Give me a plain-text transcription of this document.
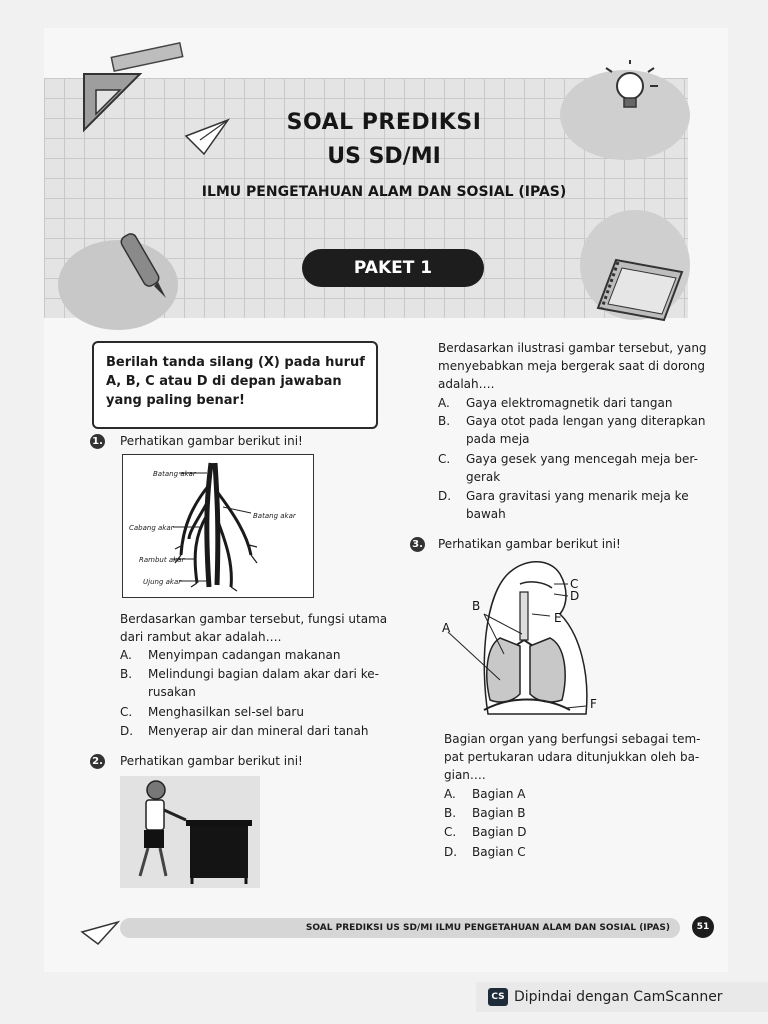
SOAL PREDIKSI
US SD/MI
ILMU PENGETAHUAN ALAM DAN SOSIAL (IPAS)
PAKET 1
Berilah tanda silang (X) pada huruf A, B, C atau D di depan jawaban yang paling benar!
1. Perhatikan gambar berikut ini!
Batang akar
Batang akar
Cabang akar
Rambut akar
Ujung akar
Berdasarkan gambar tersebut, fungsi utama
dari rambut akar adalah….
A.	Menyimpan cadangan makanan
B.	Melindungi bagian dalam akar dari ke-
rusakan
C.	Menghasilkan sel-sel baru
D.	Menyerap air dan mineral dari tanah
2. Perhatikan gambar berikut ini!
Berdasarkan ilustrasi gambar tersebut, yang
menyebabkan meja bergerak saat di dorong
adalah….
A.	Gaya elektromagnetik dari tangan
B.	Gaya otot pada lengan yang diterapkan
pada meja
C.	Gaya gesek yang mencegah meja ber-
gerak
D.	Gara gravitasi yang menarik meja ke
bawah
3. Perhatikan gambar berikut ini!
C
D
E
B
A
F
Bagian organ yang berfungsi sebagai tem-
pat pertukaran udara ditunjukkan oleh ba-
gian….
A.	Bagian A
B.	Bagian B
C.	Bagian D
D.	Bagian C
SOAL PREDIKSI US SD/MI ILMU PENGETAHUAN ALAM DAN SOSIAL (IPAS)	51
CS Dipindai dengan CamScanner
